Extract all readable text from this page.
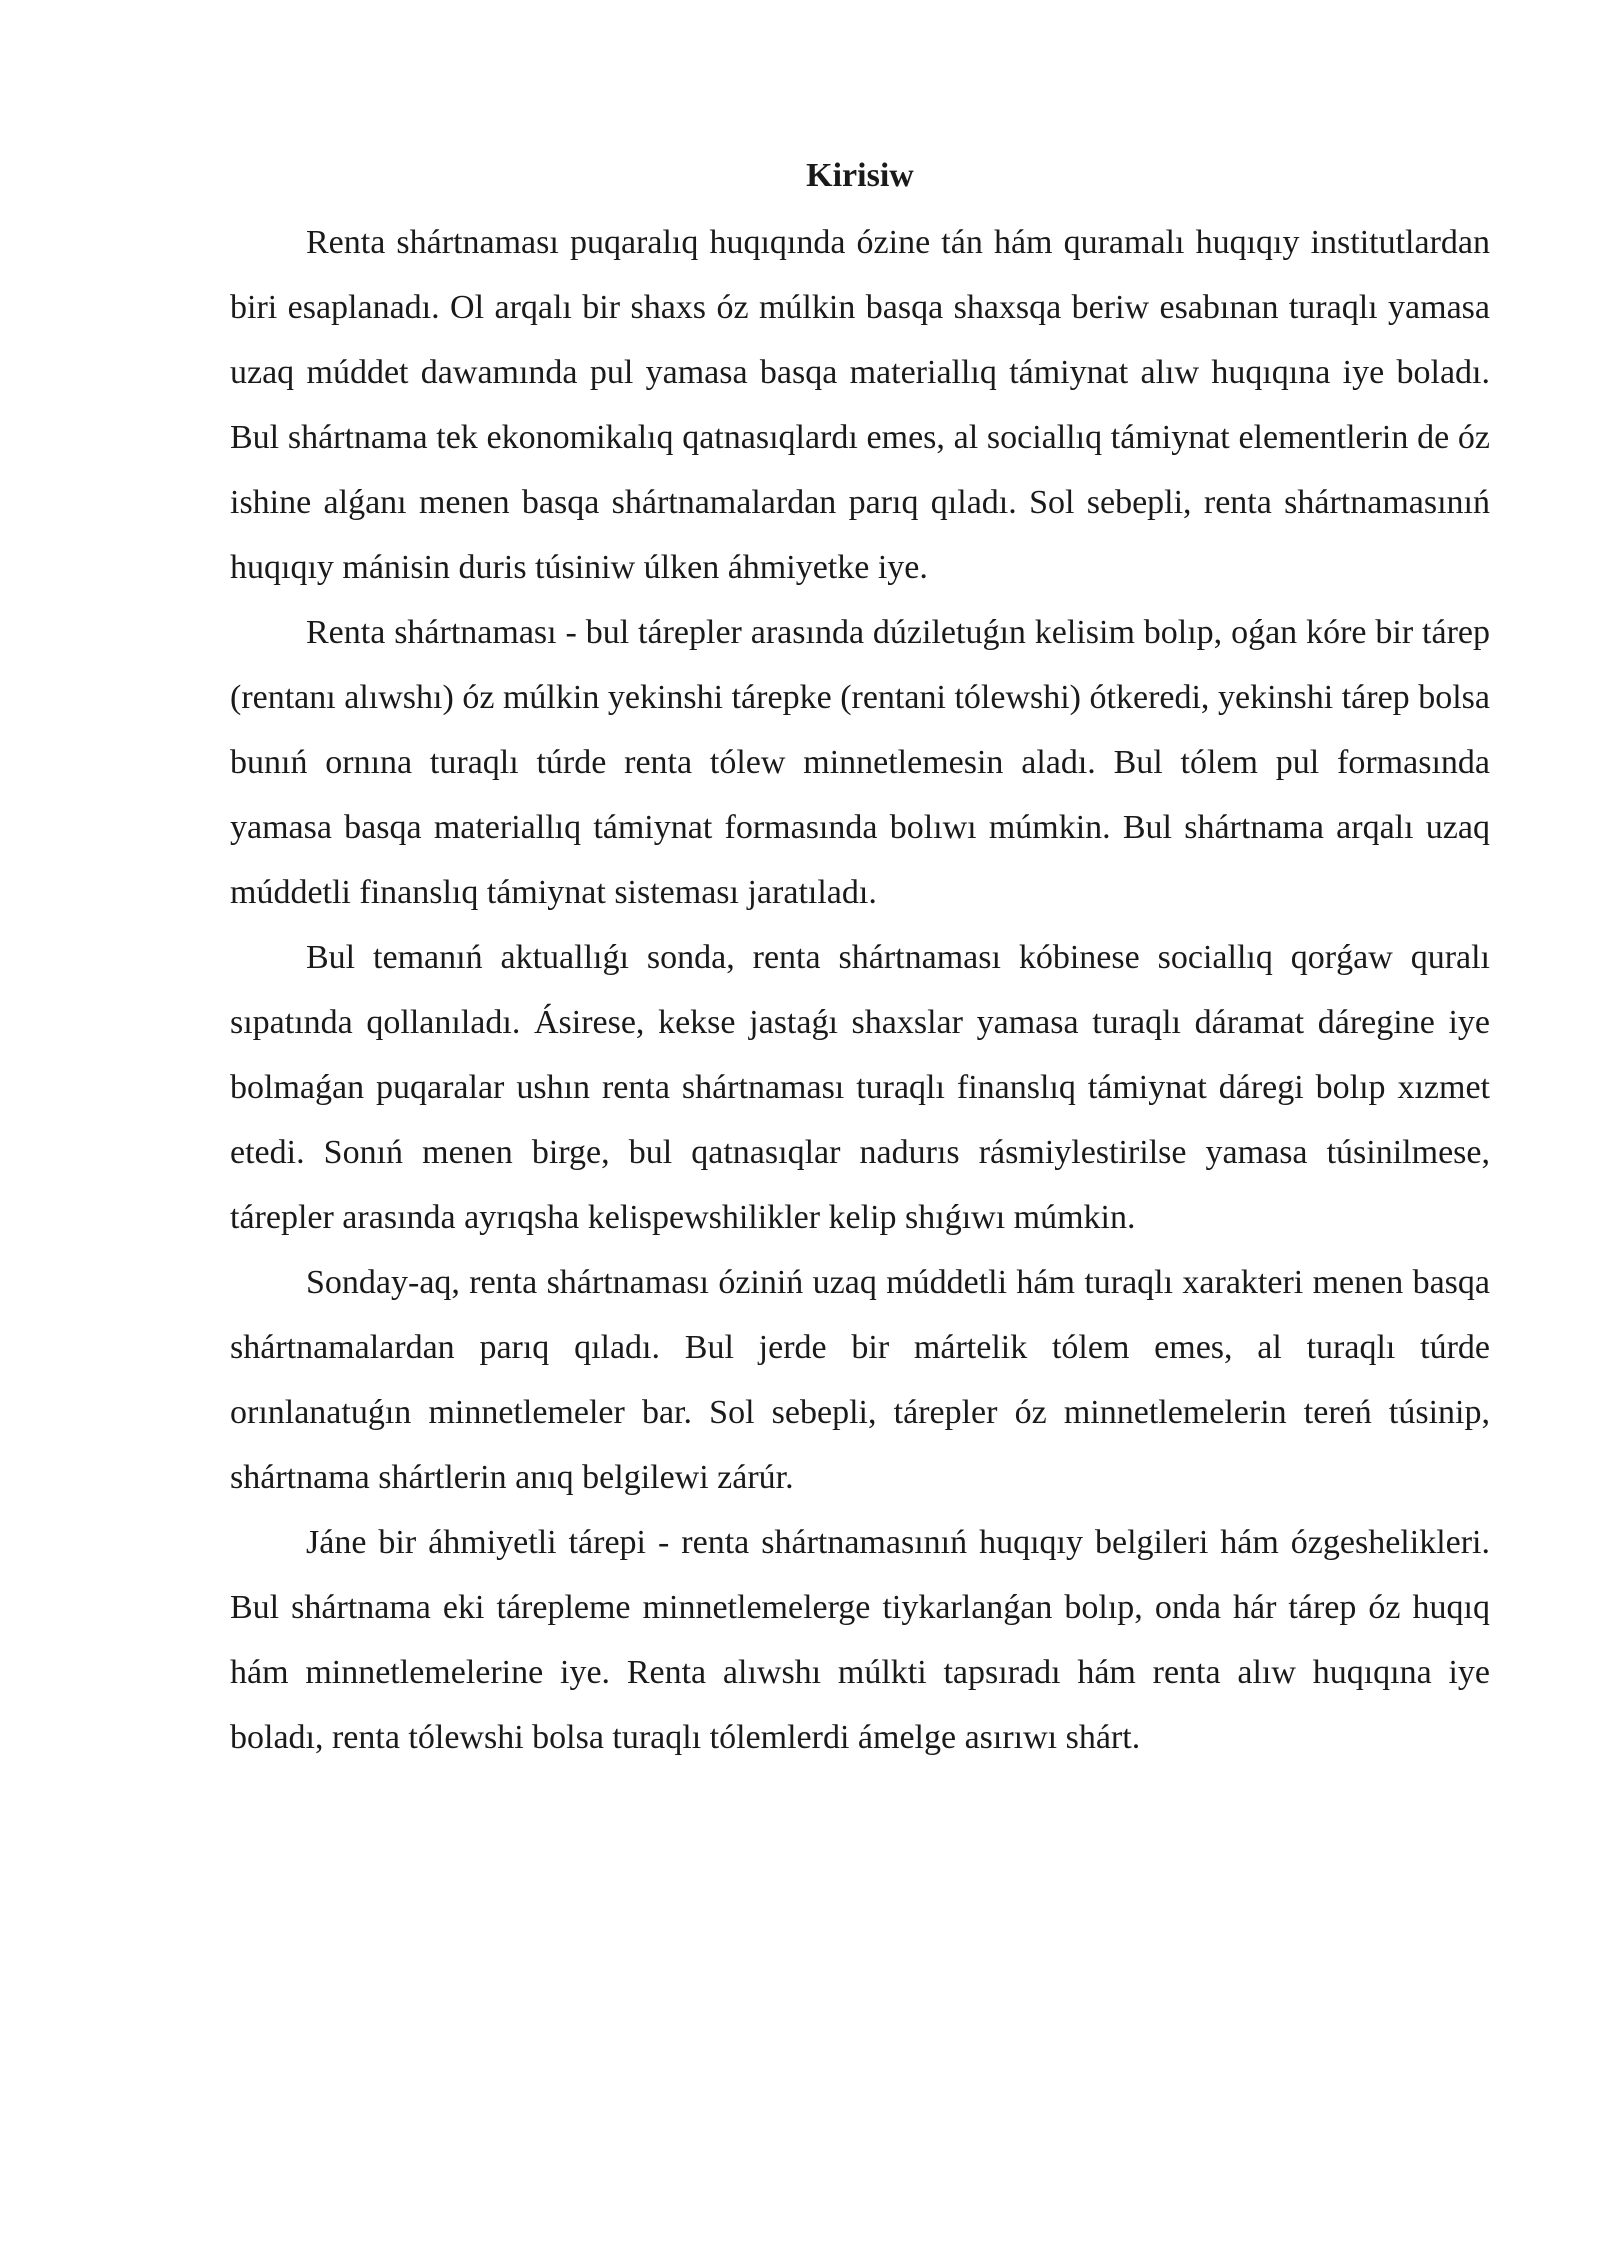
Kirisiw

Renta shártnaması puqaralıq huqıqında ózine tán hám quramalı huqıqıy institutlardan biri esaplanadı. Ol arqalı bir shaxs óz múlkin basqa shaxsqa beriw esabınan turaqlı yamasa uzaq múddet dawamında pul yamasa basqa materiallıq támiynat alıw huqıqına iye boladı. Bul shártnama tek ekonomikalıq qatnasıqlardı emes, al sociallıq támiynat elementlerin de óz ishine alǵanı menen basqa shártnamalardan parıq qıladı. Sol sebepli, renta shártnamasınıń huqıqıy mánisin duris túsiniw úlken áhmiyetke iye.

Renta shártnaması - bul tárepler arasında dúziletuǵın kelisim bolıp, oǵan kóre bir tárep (rentanı alıwshı) óz múlkin yekinshi tárepke (rentani tólewshi) ótkeredi, yekinshi tárep bolsa bunıń ornına turaqlı túrde renta tólew minnetlemesin aladı. Bul tólem pul formasında yamasa basqa materiallıq támiynat formasında bolıwı múmkin. Bul shártnama arqalı uzaq múddetli finanslıq támiynat sisteması jaratıladı.

Bul temanıń aktuallıǵı sonda, renta shártnaması kóbinese sociallıq qorǵaw quralı sıpatında qollanıladı. Ásirese, kekse jastaǵı shaxslar yamasa turaqlı dáramat dáregine iye bolmaǵan puqaralar ushın renta shártnaması turaqlı finanslıq támiynat dáregi bolıp xızmet etedi. Sonıń menen birge, bul qatnasıqlar nadurıs rásmiylestirilse yamasa túsinilmese, tárepler arasında ayrıqsha kelispewshilikler kelip shıǵıwı múmkin.

Sonday-aq, renta shártnaması óziniń uzaq múddetli hám turaqlı xarakteri menen basqa shártnamalardan parıq qıladı. Bul jerde bir mártelik tólem emes, al turaqlı túrde orınlanatuǵın minnetlemeler bar. Sol sebepli, tárepler óz minnetlemelerin tereń túsinip, shártnama shártlerin anıq belgilewi zárúr.

Jáne bir áhmiyetli tárepi - renta shártnamasınıń huqıqıy belgileri hám ózgeshelikleri. Bul shártnama eki tárepleme minnetlemelerge tiykarlanǵan bolıp, onda hár tárep óz huqıq hám minnetlemelerine iye. Renta alıwshı múlkti tapsıradı hám renta alıw huqıqına iye boladı, renta tólewshi bolsa turaqlı tólemlerdi ámelge asırıwı shárt.
